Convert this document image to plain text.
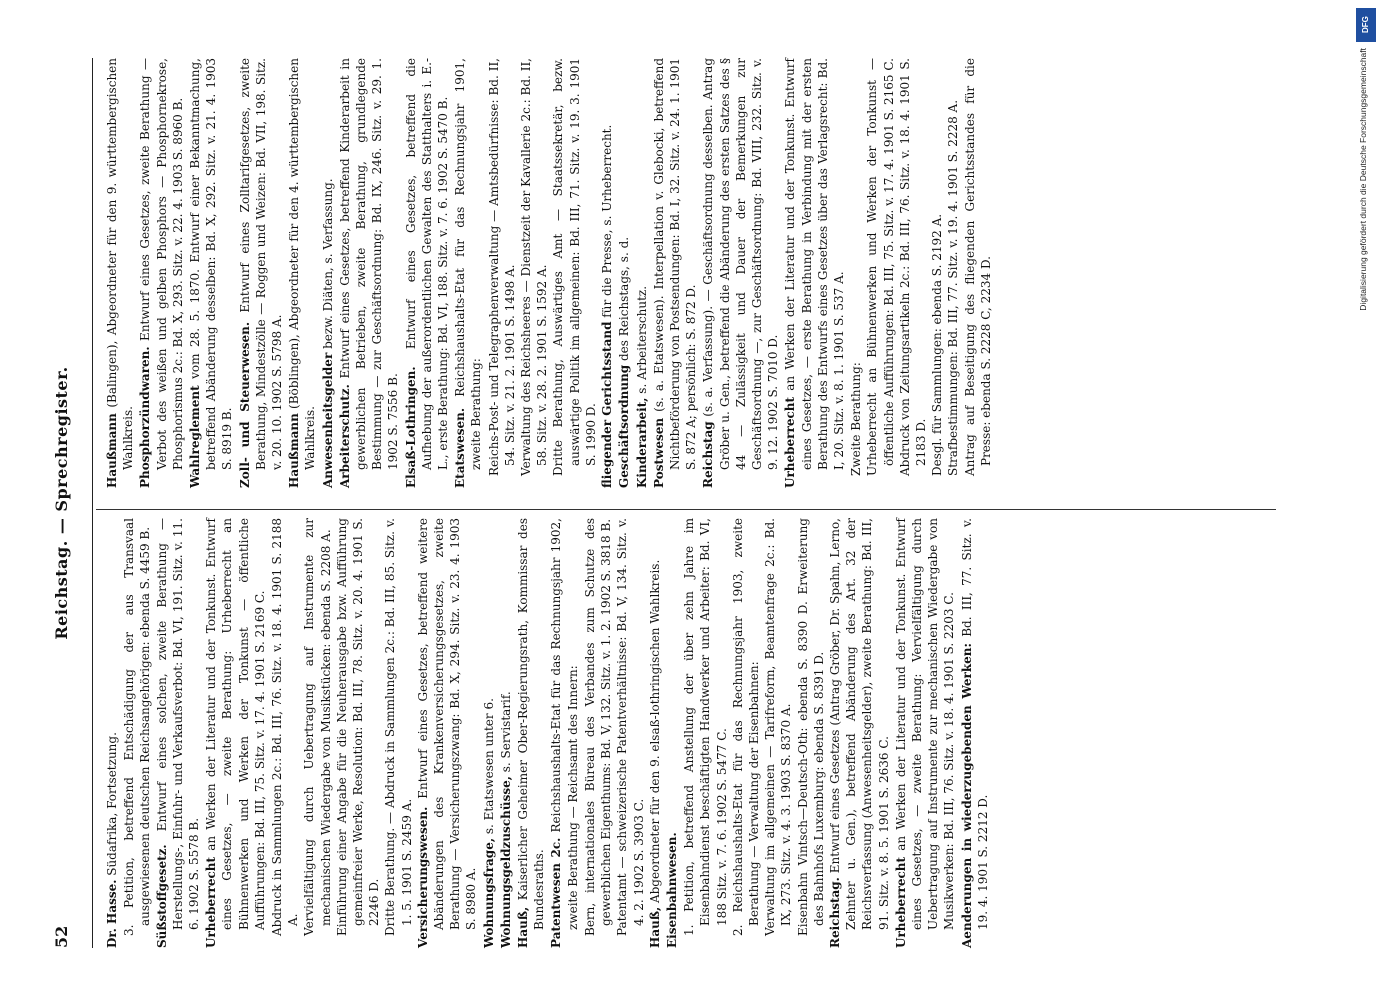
52
Reichstag. — Sprechregister.

Dr. Hasse. Südafrika, Fortsetzung. 3. Petition, betreffend Entschädigung der aus Transvaal ausgewiesenen deutschen Reichsangehörigen: ebenda S. 4459 B. Süßstoffgesetz. Entwurf eines solchen, zweite Berathung — Herstellungs-, Einfuhr- und Verkaufsverbot: Bd. VI, 191. Sitz. v. 11. 6. 1902 S. 5578 B. Urheberrecht an Werken der Literatur und der Tonkunst. Entwurf eines Gesetzes, — zweite Berathung: Urheberrecht an Bühnenwerken und Werken der Tonkunst — öffentliche Aufführungen: Bd. III, 75. Sitz. v. 17. 4. 1901 S. 2169 C. Abdruck in Sammlungen 2c.: Bd. III, 76. Sitz. v. 18. 4. 1901 S. 2188 A. Vervielfältigung durch Uebertragung auf Instrumente zur mechanischen Wiedergabe von Musikstücken: ebenda S. 2208 A. Einführung einer Angabe für die Neuherausgabe bzw. Aufführung gemeinfreier Werke, Resolution: Bd. III, 78. Sitz. v. 20. 4. 1901 S. 2246 D. Dritte Berathung. — Abdruck in Sammlungen 2c.: Bd. III, 85. Sitz. v. 1. 5. 1901 S. 2459 A. Versicherungswesen. Entwurf eines Gesetzes, betreffend weitere Abänderungen des Krankenversicherungsgesetzes, zweite Berathung — Versicherungszwang: Bd. X, 294. Sitz. v. 23. 4. 1903 S. 8980 A. Wohnungsfrage, s. Etatswesen unter 6.

Wohnungsgeldzuschüsse, s. Servistarif.

Hauß, Kaiserlicher Geheimer Ober-Regierungsrath, Kommissar des Bundesraths. Patentwesen 2c. Reichshaushalts-Etat für das Rechnungsjahr 1902, zweite Berathung — Reichsamt des Innern: Bern, internationales Büreau des Verbandes zum Schutze des gewerblichen Eigenthums: Bd. V, 132. Sitz. v. 1. 2. 1902 S. 3818 B. Patentamt — schweizerische Patentverhältnisse: Bd. V, 134. Sitz. v. 4. 2. 1902 S. 3903 C.

Hauß, Abgeordneter für den 9. elsaß-lothringischen Wahlkreis. Eisenbahnwesen. 1. Petition, betreffend Anstellung der über zehn Jahre im Eisenbahndienst beschäftigten Handwerker und Arbeiter: Bd. VI, 188 Sitz. v. 7. 6. 1902 S. 5477 C. 2. Reichshaushalts-Etat für das Rechnungsjahr 1903, zweite Berathung — Verwaltung der Eisenbahnen: Verwaltung im allgemeinen — Tarifreform, Beamtenfrage 2c.: Bd. IX, 273. Sitz. v. 4. 3. 1903 S. 8370 A. Eisenbahn Vintsch—Deutsch-Oth: ebenda S. 8390 D. Erweiterung des Bahnhofs Luxemburg: ebenda S. 8391 D. Reichstag. Entwurf eines Gesetzes (Antrag Gröber, Dr. Spahn, Lerno, Zehnter u. Gen.), betreffend Abänderung des Art. 32 der Reichsverfassung (Anwesenheitsgelder), zweite Berathung: Bd. III, 91. Sitz. v. 8. 5. 1901 S. 2636 C. Urheberrecht an Werken der Literatur und der Tonkunst. Entwurf eines Gesetzes, — zweite Berathung: Vervielfältigung durch Uebertragung auf Instrumente zur mechanischen Wiedergabe von Musikwerken: Bd. III, 76. Sitz. v. 18. 4. 1901 S. 2203 C. Aenderungen in wiederzugebenden Werken: Bd. III, 77. Sitz. v. 19. 4. 1901 S. 2212 D.

Haußmann (Balingen), Abgeordneter für den 9. württembergischen Wahlkreis. Phosphorzündwaren. Entwurf eines Gesetzes, zweite Berathung — Verbot des weißen und gelben Phosphors — Phosphornekrose, Phosphorismus 2c.: Bd. X, 293. Sitz. v. 22. 4. 1903 S. 8960 B. Wahlreglement vom 28. 5. 1870. Entwurf einer Bekanntmachung, betreffend Abänderung desselben: Bd. X, 292. Sitz. v. 21. 4. 1903 S. 8919 B. Zoll- und Steuerwesen. Entwurf eines Zolltarifgesetzes, zweite Berathung, Mindestzölle — Roggen und Weizen: Bd. VII, 198. Sitz. v. 20. 10. 1902 S. 5798 A. Haußmann (Böblingen), Abgeordneter für den 4. württembergischen Wahlkreis. Anwesenheitsgelder bezw. Diäten, s. Verfassung.

Arbeiterschutz. Entwurf eines Gesetzes, betreffend Kinderarbeit in gewerblichen Betrieben, zweite Berathung, grundlegende Bestimmung — zur Geschäftsordnung: Bd. IX, 246. Sitz. v. 29. 1. 1902 S. 7556 B. Elsaß-Lothringen. Entwurf eines Gesetzes, betreffend die Aufhebung der außerordentlichen Gewalten des Statthalters i. E.-L., erste Berathung: Bd. VI, 188. Sitz. v. 7. 6. 1902 S. 5470 B. Etatswesen. Reichshaushalts-Etat für das Rechnungsjahr 1901, zweite Berathung: Reichs-Post- und Telegraphenverwaltung — Amtsbedürfnisse: Bd. II, 54. Sitz. v. 21. 2. 1901 S. 1498 A. Verwaltung des Reichsheeres — Dienstzeit der Kavallerie 2c.: Bd. II, 58. Sitz. v. 28. 2. 1901 S. 1592 A. Dritte Berathung, Auswärtiges Amt — Staatssekretär, bezw. auswärtige Politik im allgemeinen: Bd. III, 71. Sitz. v. 19. 3. 1901 S. 1990 D. fliegender Gerichtsstand für die Presse, s. Urheberrecht.

Geschäftsordnung des Reichstags, s. d.

Kinderarbeit, s. Arbeiterschutz.

Postwesen (s. a. Etatswesen). Interpellation v. Glebocki, betreffend Nichtbeförderung von Postsendungen: Bd. I, 32. Sitz. v. 24. 1. 1901 S. 872 A; persönlich: S. 872 D. Reichstag (s. a. Verfassung). — Geschäftsordnung desselben. Antrag Gröber u. Gen., betreffend die Abänderung des ersten Satzes des § 44 — Zulässigkeit und Dauer der Bemerkungen zur Geschäftsordnung —, zur Geschäftsordnung: Bd. VIII, 232. Sitz. v. 9. 12. 1902 S. 7010 D. Urheberrecht an Werken der Literatur und der Tonkunst. Entwurf eines Gesetzes, — erste Berathung in Verbindung mit der ersten Berathung des Entwurfs eines Gesetzes über das Verlagsrecht: Bd. I, 20. Sitz. v. 8. 1. 1901 S. 537 A. Zweite Berathung: Urheberrecht an Bühnenwerken und Werken der Tonkunst — öffentliche Aufführungen: Bd. III, 75. Sitz. v. 17. 4. 1901 S. 2165 C. Abdruck von Zeitungsartikeln 2c.: Bd. III, 76. Sitz. v. 18. 4. 1901 S. 2183 D. Desgl. für Sammlungen: ebenda S. 2192 A. Strafbestimmungen: Bd. III, 77. Sitz. v. 19. 4. 1901 S. 2228 A. Antrag auf Beseitigung des fliegenden Gerichtsstandes für die Presse: ebenda S. 2228 C, 2234 D.

DFG
Digitalisierung gefördert durch die Deutsche Forschungsgemeinschaft
